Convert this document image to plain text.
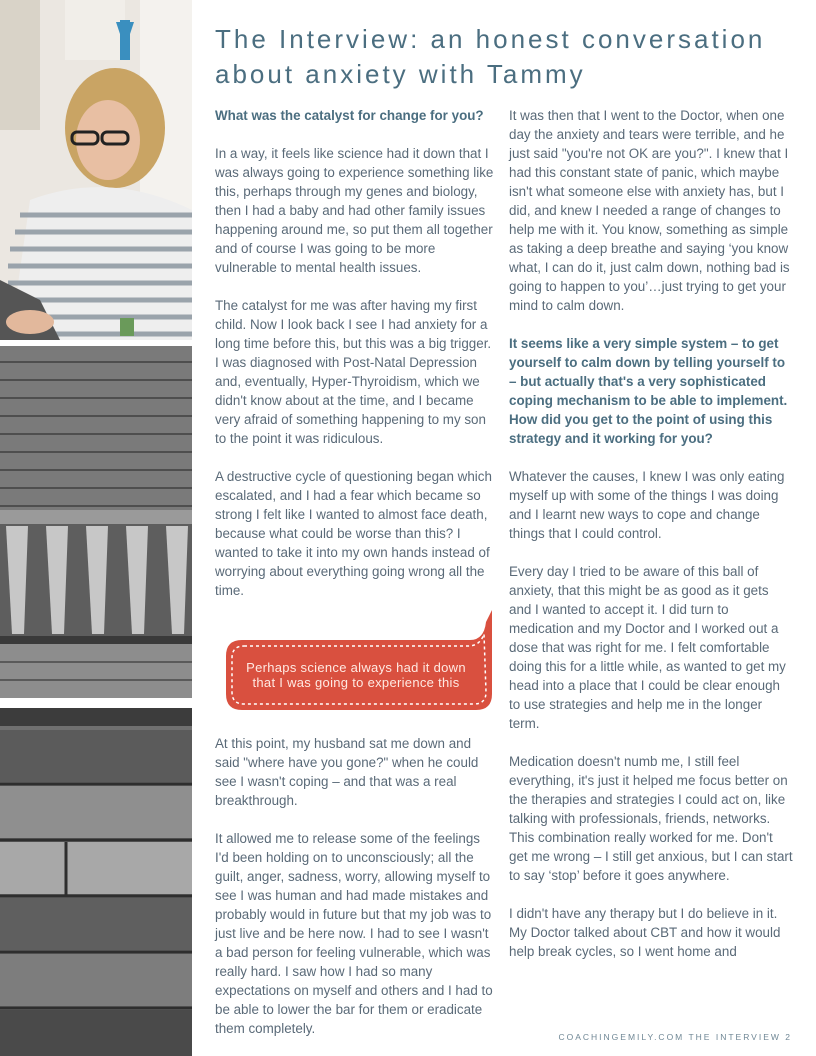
The Interview: an honest conversation about anxiety with Tammy

What was the catalyst for change for you?

In a way, it feels like science had it down that I was always going to experience something like this, perhaps through my genes and biology, then I had a baby and had other family issues happening around me, so put them all together and of course I was going to be more vulnerable to mental health issues.

The catalyst for me was after having my first child. Now I look back I see I had anxiety for a long time before this, but this was a big trigger. I was diagnosed with Post-Natal Depression and, eventually, Hyper-Thyroidism, which we didn't know about at the time, and I became very afraid of something happening to my son to the point it was ridiculous.

A destructive cycle of questioning began which escalated, and I had a fear which became so strong I felt like I wanted to almost face death, because what could be worse than this? I wanted to take it into my own hands instead of worrying about everything going wrong all the time.

Perhaps science always had it down that I was going to experience this

At this point, my husband sat me down and said "where have you gone?" when he could see I wasn't coping – and that was a real breakthrough.

It allowed me to release some of the feelings I'd been holding on to unconsciously; all the guilt, anger, sadness, worry, allowing myself to see I was human and had made mistakes and probably would in future but that my job was to just live and be here now. I had to see I wasn't a bad person for feeling vulnerable, which was really hard. I saw how I had so many expectations on myself and others and I had to be able to lower the bar for them or eradicate them completely.

It was then that I went to the Doctor, when one day the anxiety and tears were terrible, and he just said "you're not OK are you?". I knew that I had this constant state of panic, which maybe isn't what someone else with anxiety has, but I did, and knew I needed a range of changes to help me with it. You know, something as simple as taking a deep breathe and saying ‘you know what, I can do it, just calm down, nothing bad is going to happen to you’…just trying to get your mind to calm down.

It seems like a very simple system – to get yourself to calm down by telling yourself to – but actually that's a very sophisticated coping mechanism to be able to implement. How did you get to the point of using this strategy and it working for you?

Whatever the causes, I knew I was only eating myself up with some of the things I was doing and I learnt new ways to cope and change things that I could control.

Every day I tried to be aware of this ball of anxiety, that this might be as good as it gets and I wanted to accept it. I did turn to medication and my Doctor and I worked out a dose that was right for me. I felt comfortable doing this for a little while, as wanted to get my head into a place that I could be clear enough to use strategies and help me in the longer term.

Medication doesn't numb me, I still feel everything, it's just it helped me focus better on the therapies and strategies I could act on, like talking with professionals, friends, networks. This combination really worked for me. Don't get me wrong – I still get anxious, but I can start to say ‘stop’ before it goes anywhere.

I didn't have any therapy but I do believe in it. My Doctor talked about CBT and how it would help break cycles, so I went home and

COACHINGEMILY.COM THE INTERVIEW 2
